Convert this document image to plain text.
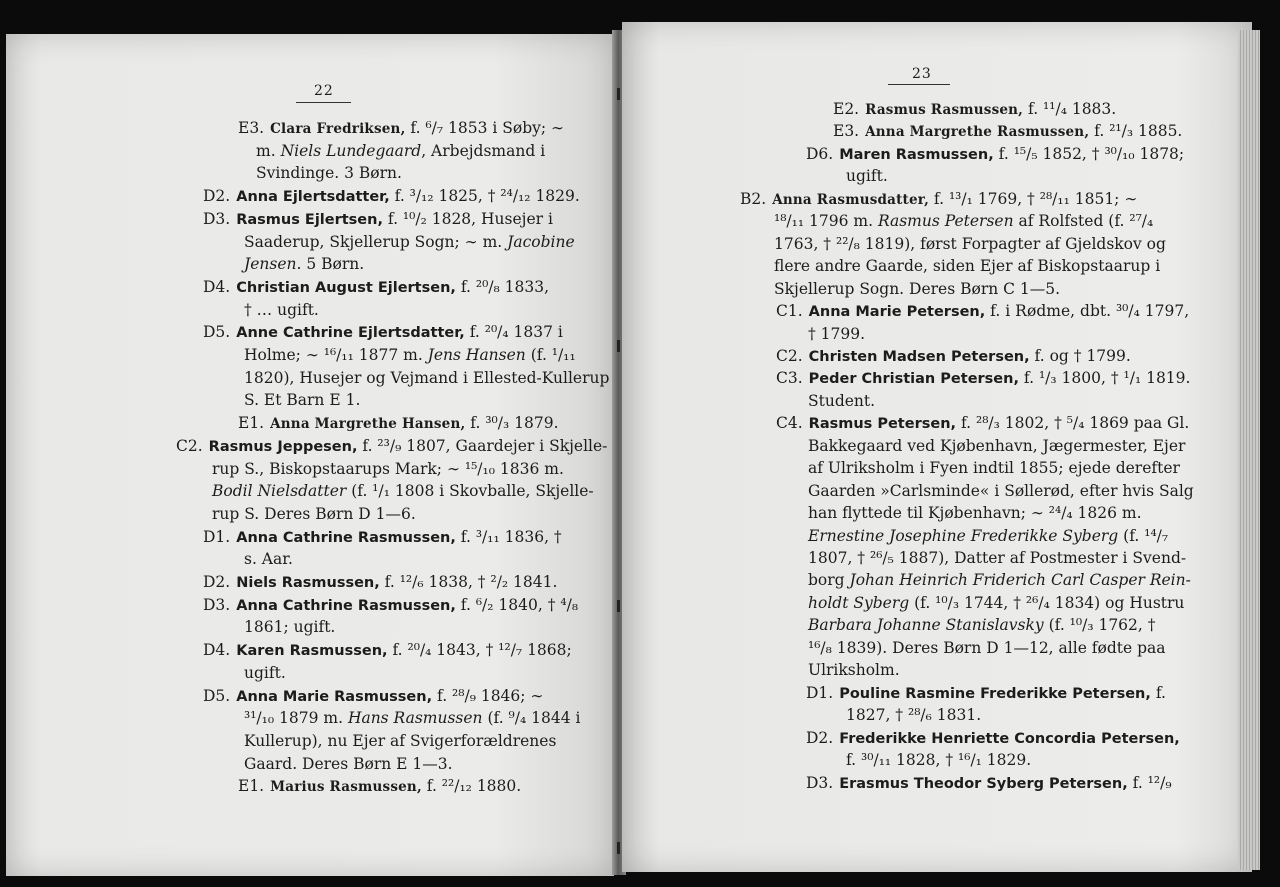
22
23
E3. Clara Fredriksen, f. ⁶/₇ 1853 i Søby; ∼
m. Niels Lundegaard, Arbejdsmand i
Svindinge. 3 Børn.
D2. Anna Ejlertsdatter, f. ³/₁₂ 1825, † ²⁴/₁₂ 1829.
D3. Rasmus Ejlertsen, f. ¹⁰/₂ 1828, Husejer i
Saaderup, Skjellerup Sogn; ∼ m. Jacobine
Jensen. 5 Børn.
D4. Christian August Ejlertsen, f. ²⁰/₈ 1833,
† … ugift.
D5. Anne Cathrine Ejlertsdatter, f. ²⁰/₄ 1837 i
Holme; ∼ ¹⁶/₁₁ 1877 m. Jens Hansen (f. ¹/₁₁
1820), Husejer og Vejmand i Ellested-Kullerup
S. Et Barn E 1.
E1. Anna Margrethe Hansen, f. ³⁰/₃ 1879.
C2. Rasmus Jeppesen, f. ²³/₉ 1807, Gaardejer i Skjelle-
rup S., Biskopstaarups Mark; ∼ ¹⁵/₁₀ 1836 m.
Bodil Nielsdatter (f. ¹/₁ 1808 i Skovballe, Skjelle-
rup S. Deres Børn D 1—6.
D1. Anna Cathrine Rasmussen, f. ³/₁₁ 1836, †
s. Aar.
D2. Niels Rasmussen, f. ¹²/₆ 1838, † ²/₂ 1841.
D3. Anna Cathrine Rasmussen, f. ⁶/₂ 1840, † ⁴/₈
1861; ugift.
D4. Karen Rasmussen, f. ²⁰/₄ 1843, † ¹²/₇ 1868;
ugift.
D5. Anna Marie Rasmussen, f. ²⁸/₉ 1846; ∼
³¹/₁₀ 1879 m. Hans Rasmussen (f. ⁹/₄ 1844 i
Kullerup), nu Ejer af Svigerforældrenes
Gaard. Deres Børn E 1—3.
E1. Marius Rasmussen, f. ²²/₁₂ 1880.
E2. Rasmus Rasmussen, f. ¹¹/₄ 1883.
E3. Anna Margrethe Rasmussen, f. ²¹/₃ 1885.
D6. Maren Rasmussen, f. ¹⁵/₅ 1852, † ³⁰/₁₀ 1878;
ugift.
B2. Anna Rasmusdatter, f. ¹³/₁ 1769, † ²⁸/₁₁ 1851; ∼
¹⁸/₁₁ 1796 m. Rasmus Petersen af Rolfsted (f. ²⁷/₄
1763, † ²²/₈ 1819), først Forpagter af Gjeldskov og
flere andre Gaarde, siden Ejer af Biskopstaarup i
Skjellerup Sogn. Deres Børn C 1—5.
C1. Anna Marie Petersen, f. i Rødme, dbt. ³⁰/₄ 1797,
† 1799.
C2. Christen Madsen Petersen, f. og † 1799.
C3. Peder Christian Petersen, f. ¹/₃ 1800, † ¹/₁ 1819.
Student.
C4. Rasmus Petersen, f. ²⁸/₃ 1802, † ⁵/₄ 1869 paa Gl.
Bakkegaard ved Kjøbenhavn, Jægermester, Ejer
af Ulriksholm i Fyen indtil 1855; ejede derefter
Gaarden »Carlsminde« i Søllerød, efter hvis Salg
han flyttede til Kjøbenhavn; ∼ ²⁴/₄ 1826 m.
Ernestine Josephine Frederikke Syberg (f. ¹⁴/₇
1807, † ²⁶/₅ 1887), Datter af Postmester i Svend-
borg Johan Heinrich Friderich Carl Casper Rein-
holdt Syberg (f. ¹⁰/₃ 1744, † ²⁶/₄ 1834) og Hustru
Barbara Johanne Stanislavsky (f. ¹⁰/₃ 1762, †
¹⁶/₈ 1839). Deres Børn D 1—12, alle fødte paa
Ulriksholm.
D1. Pouline Rasmine Frederikke Petersen, f.
1827, † ²⁸/₆ 1831.
D2. Frederikke Henriette Concordia Petersen,
f. ³⁰/₁₁ 1828, † ¹⁶/₁ 1829.
D3. Erasmus Theodor Syberg Petersen, f. ¹²/₉
